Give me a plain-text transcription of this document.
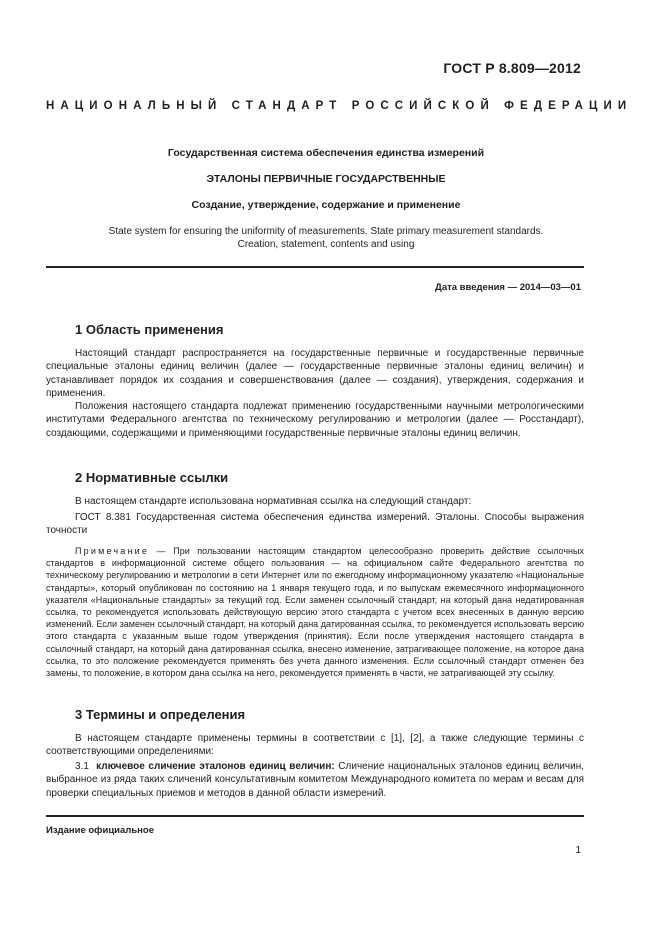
ГОСТ Р 8.809—2012
НАЦИОНАЛЬНЫЙ СТАНДАРТ РОССИЙСКОЙ ФЕДЕРАЦИИ
Государственная система обеспечения единства измерений
ЭТАЛОНЫ ПЕРВИЧНЫЕ ГОСУДАРСТВЕННЫЕ
Создание, утверждение, содержание и применение
State system for ensuring the uniformity of measurements. State primary measurement standards.
Creation, statement, contents and using
Дата введения — 2014—03—01
1 Область применения
Настоящий стандарт распространяется на государственные первичные и государственные первичные специальные эталоны единиц величин (далее — государственные первичные эталоны единиц величин) и устанавливает порядок их создания и совершенствования (далее — создания), утверждения, содержания и применения.
Положения настоящего стандарта подлежат применению государственными научными метрологическими институтами Федерального агентства по техническому регулированию и метрологии (далее — Росстандарт), создающими, содержащими и применяющими государственные первичные эталоны единиц величин.
2 Нормативные ссылки
В настоящем стандарте использована нормативная ссылка на следующий стандарт:
ГОСТ 8.381 Государственная система обеспечения единства измерений. Эталоны. Способы выражения точности
Примечание — При пользовании настоящим стандартом целесообразно проверить действие ссылочных стандартов в информационной системе общего пользования — на официальном сайте Федерального агентства по техническому регулированию и метрологии в сети Интернет или по ежегодному информационному указателю «Национальные стандарты», который опубликован по состоянию на 1 января текущего года, и по выпускам ежемесячного информационного указателя «Национальные стандарты» за текущий год. Если заменен ссылочный стандарт, на который дана недатированная ссылка, то рекомендуется использовать действующую версию этого стандарта с учетом всех внесенных в данную версию изменений. Если заменен ссылочный стандарт, на который дана датированная ссылка, то рекомендуется использовать версию этого стандарта с указанным выше годом утверждения (принятия). Если после утверждения настоящего стандарта в ссылочный стандарт, на который дана датированная ссылка, внесено изменение, затрагивающее положение, на которое дана ссылка, то это положение рекомендуется применять без учета данного изменения. Если ссылочный стандарт отменен без замены, то положение, в котором дана ссылка на него, рекомендуется применять в части, не затрагивающей эту ссылку.
3 Термины и определения
В настоящем стандарте применены термины в соответствии с [1], [2], а также следующие термины с соответствующими определениями:
3.1 ключевое сличение эталонов единиц величин: Сличение национальных эталонов единиц величин, выбранное из ряда таких сличений консультативным комитетом Международного комитета по мерам и весам для проверки специальных приемов и методов в данной области измерений.
Издание официальное
1
